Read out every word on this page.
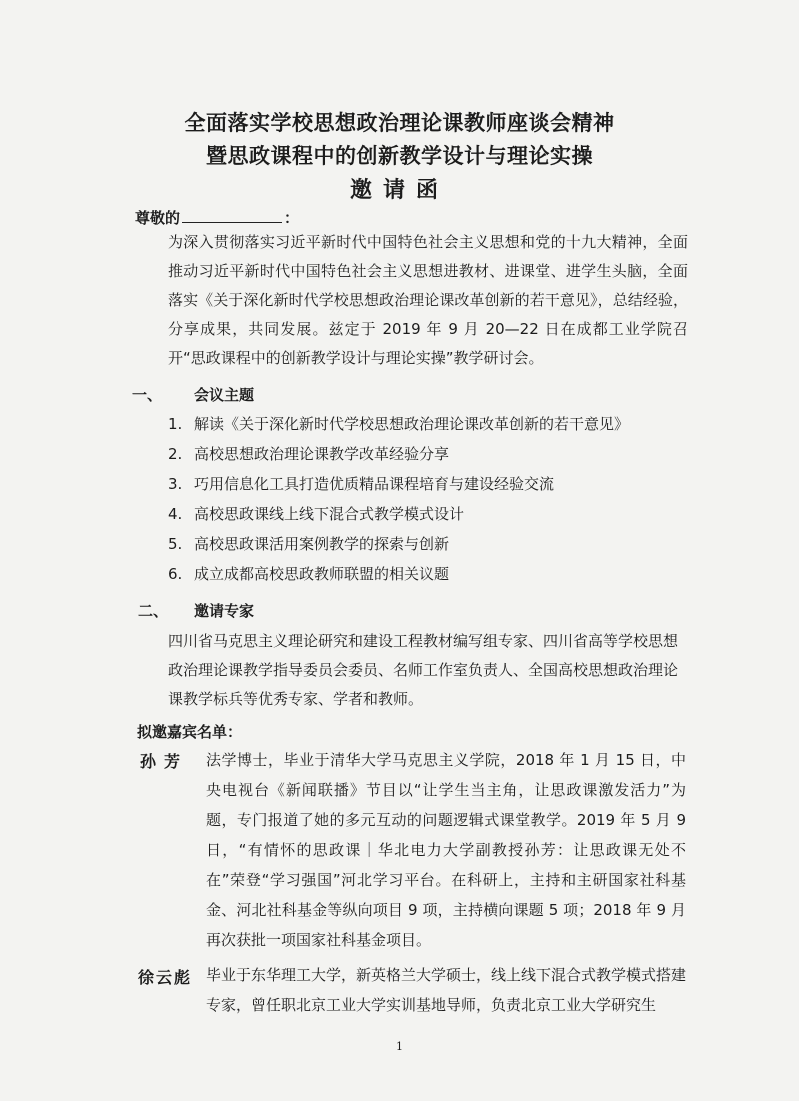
全面落实学校思想政治理论课教师座谈会精神
暨思政课程中的创新教学设计与理论实操
邀请函
尊敬的	：
为深入贯彻落实习近平新时代中国特色社会主义思想和党的十九大精神，全面推动习近平新时代中国特色社会主义思想进教材、进课堂、进学生头脑，全面落实《关于深化新时代学校思想政治理论课改革创新的若干意见》，总结经验，分享成果，共同发展。兹定于 2019 年 9 月 20—22 日在成都工业学院召开“思政课程中的创新教学设计与理论实操”教学研讨会。
一、 会议主题
1. 解读《关于深化新时代学校思想政治理论课改革创新的若干意见》
2. 高校思想政治理论课教学改革经验分享
3. 巧用信息化工具打造优质精品课程培育与建设经验交流
4. 高校思政课线上线下混合式教学模式设计
5. 高校思政课活用案例教学的探索与创新
6. 成立成都高校思政教师联盟的相关议题
二、 邀请专家
四川省马克思主义理论研究和建设工程教材编写组专家、四川省高等学校思想政治理论课教学指导委员会委员、名师工作室负责人、全国高校思想政治理论课教学标兵等优秀专家、学者和教师。
拟邀嘉宾名单：
孙芳 法学博士，毕业于清华大学马克思主义学院，2018 年 1 月 15 日，中央电视台《新闻联播》节目以“让学生当主角，让思政课激发活力”为题，专门报道了她的多元互动的问题逻辑式课堂教学。2019 年 5 月 9 日，“有情怀的思政课｜华北电力大学副教授孙芳：让思政课无处不在”荣登“学习强国”河北学习平台。在科研上，主持和主研国家社科基金、河北社科基金等纵向项目 9 项，主持横向课题 5 项；2018 年 9 月再次获批一项国家社科基金项目。
徐云彪 毕业于东华理工大学，新英格兰大学硕士，线上线下混合式教学模式搭建专家，曾任职北京工业大学实训基地导师，负责北京工业大学研究生
1
